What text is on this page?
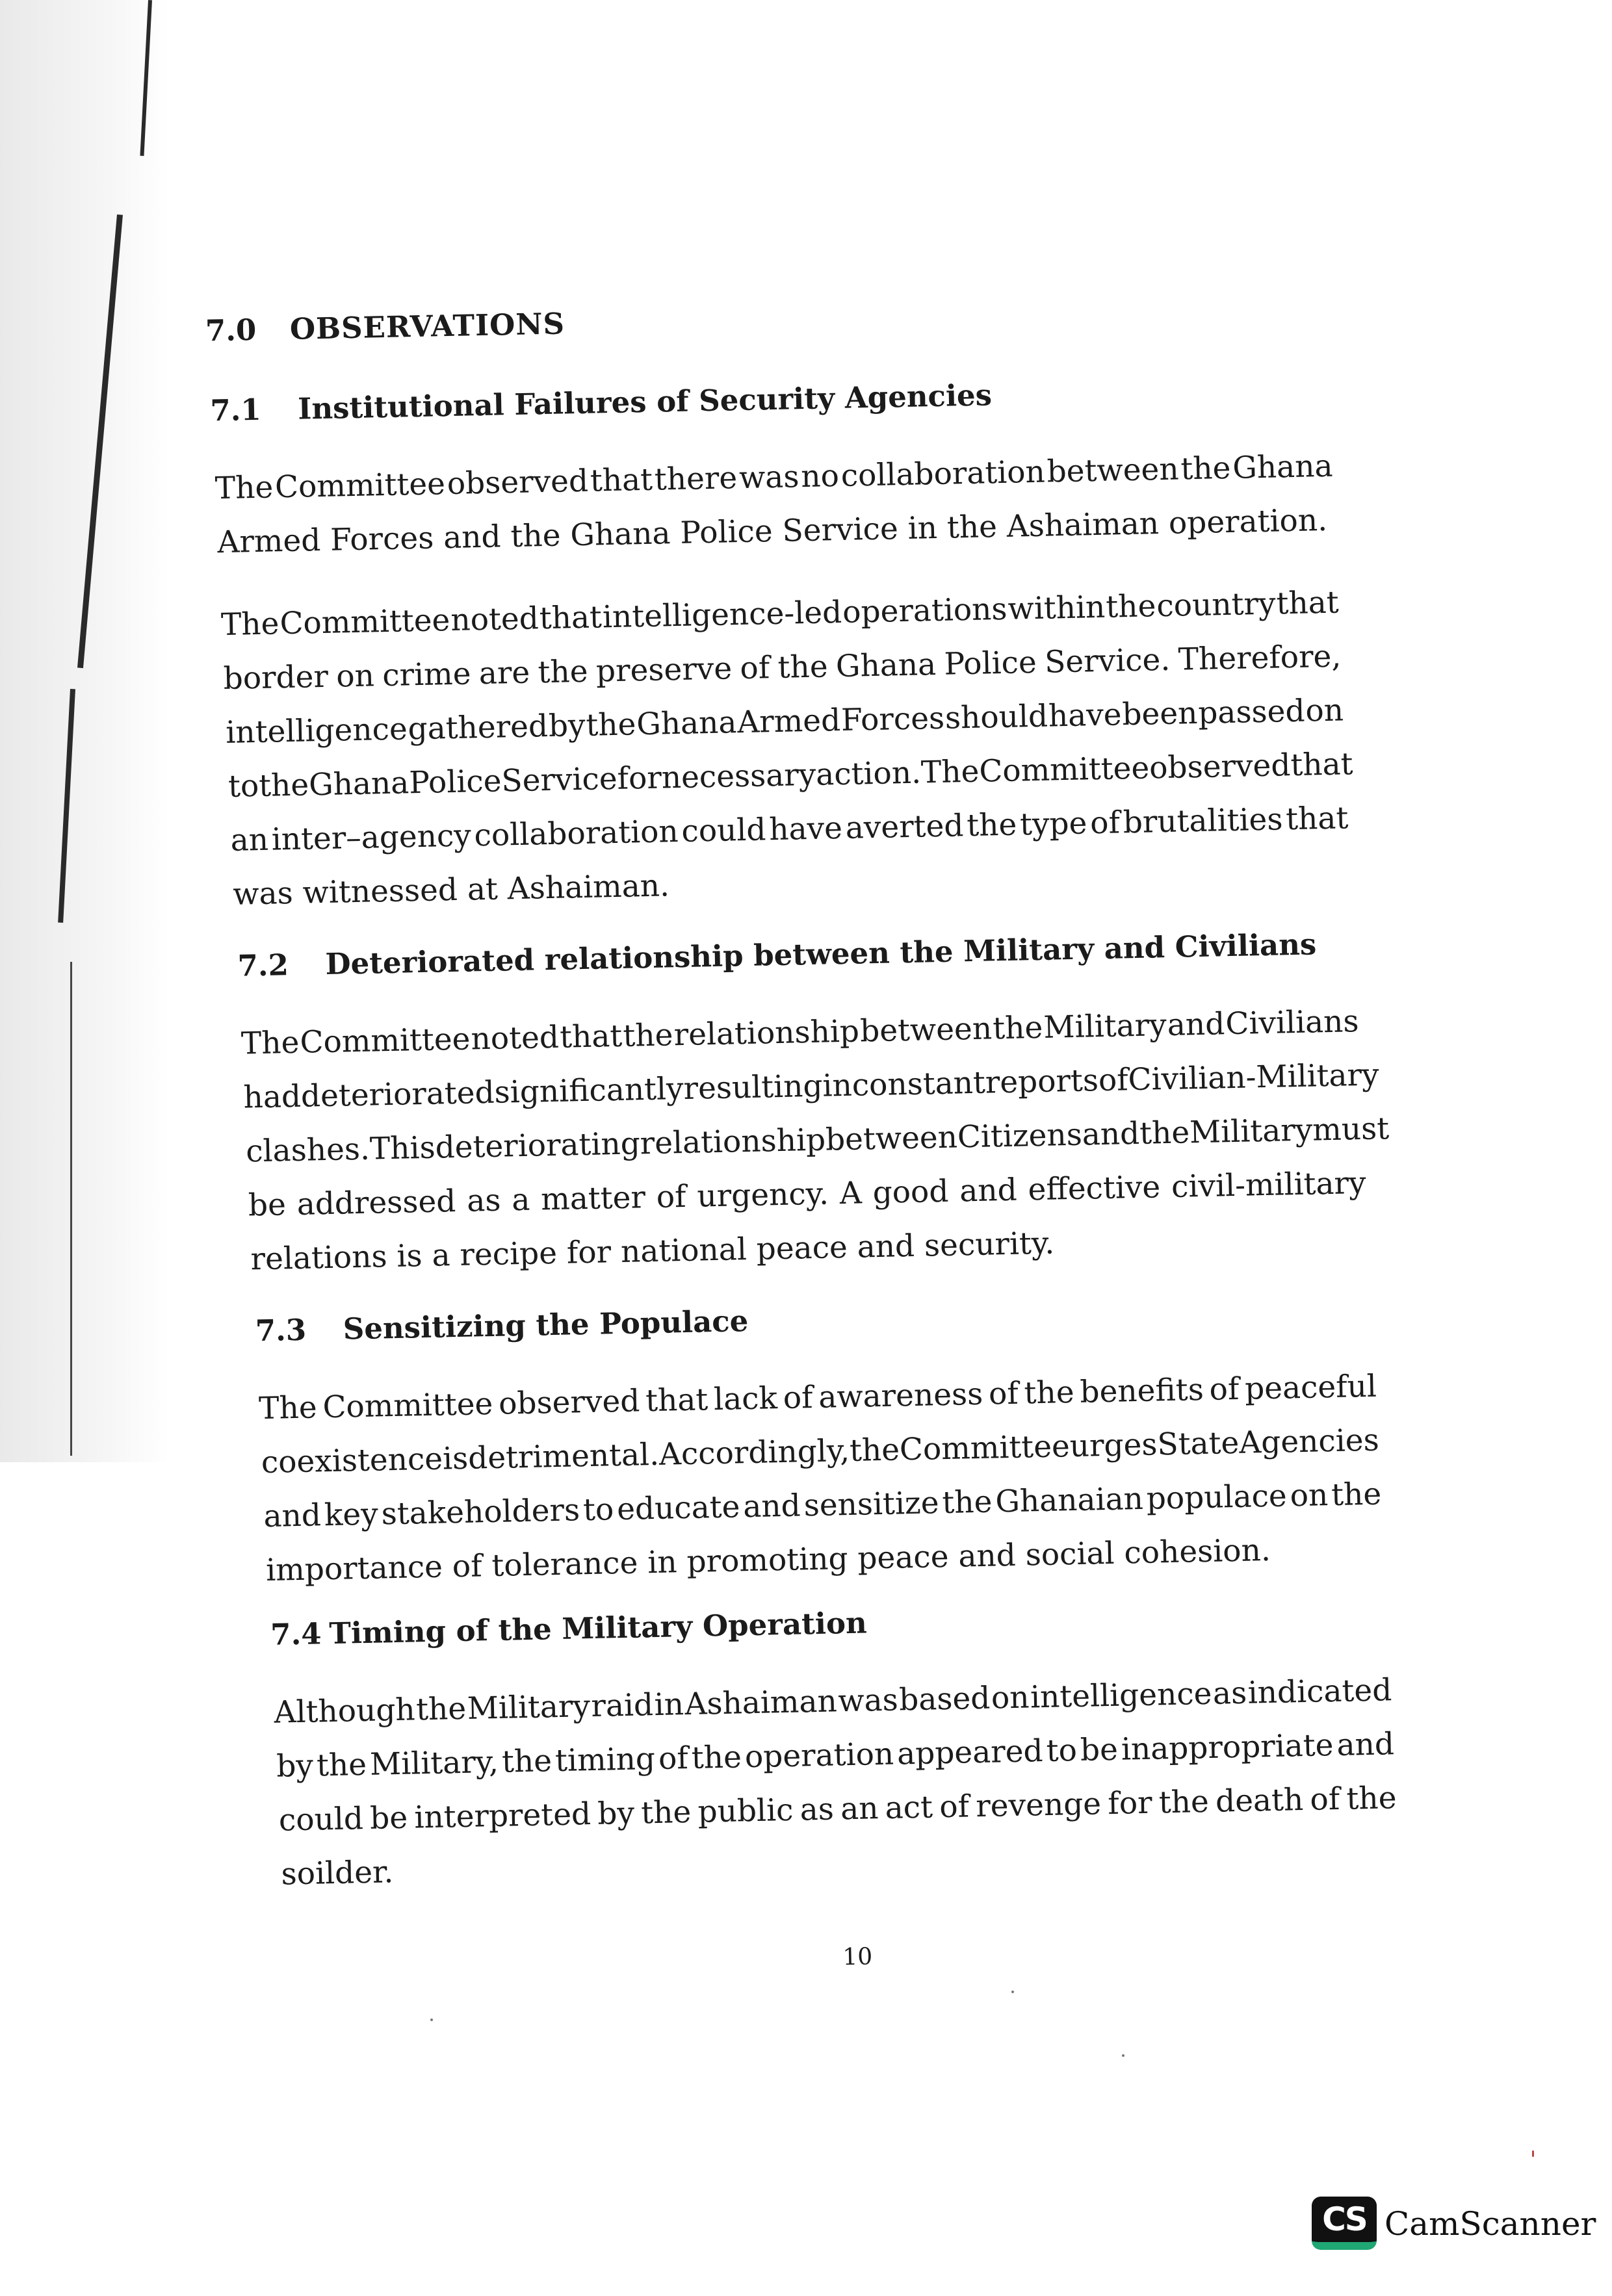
7.0 OBSERVATIONS
7.1 Institutional Failures of Security Agencies
The Committee observed that there was no collaboration between the Ghana
Armed Forces and the Ghana Police Service in the Ashaiman operation.
The Committee noted that intelligence-led operations within the country that
border on crime are the preserve of the Ghana Police Service. Therefore,
intelligence gathered by the Ghana Armed Forces should have been passed on
to
the
Ghana
Police
Service
for
necessary
action.
The
Committee
observed
that
an inter–agency collaboration could have averted the type of brutalities that
was witnessed at Ashaiman.
7.2 Deteriorated relationship between the Military and Civilians
The Committee noted that the relationship between the Military and Civilians
had
deteriorated
significantly
resulting
in
constant
reports
of
Civilian-Military
clashes.
This
deteriorating
relationship
between
Citizens
and
the
Military
must
be addressed as a matter of urgency. A good and effective civil-military
relations is a recipe for national peace and security.
7.3 Sensitizing the Populace
The Committee observed that lack of awareness of the benefits of peaceful
coexistence
is
detrimental.
Accordingly,
the
Committee
urges
State
Agencies
and key stakeholders to educate and sensitize the Ghanaian populace on the
importance of tolerance in promoting peace and social cohesion.
7.4 Timing of the Military Operation
Although the Military raid in Ashaiman was based on intelligence as indicated
by the Military, the timing of the operation appeared to be inappropriate and
could be interpreted by the public as an act of revenge for the death of the
soilder.
10
CS CamScanner
